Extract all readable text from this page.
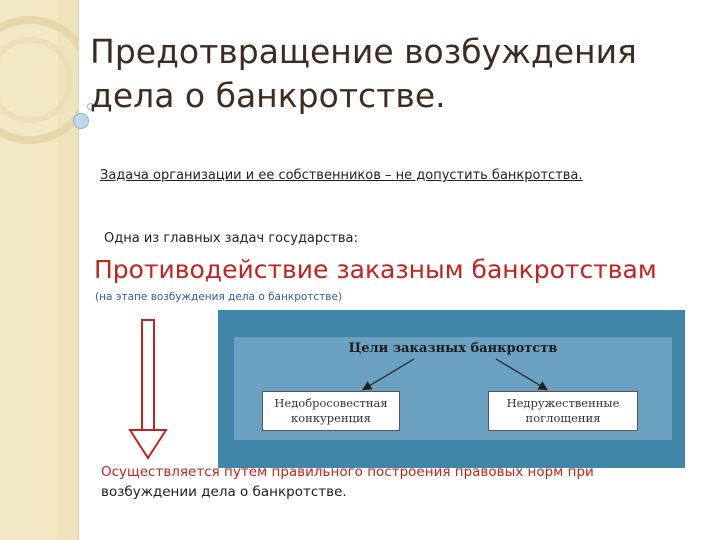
Предотвращение возбуждения дела о банкротстве.
Задача организации и ее собственников – не допустить банкротства.
Одна из главных задач государства:
Противодействие заказным банкротствам
(на этапе возбуждения дела о банкротстве)
Цели заказных банкротств
Недобросовестная конкуренция
Недружественные поглощения
Осуществляется путем правильного построения правовых норм при
возбуждении дела о банкротстве.
